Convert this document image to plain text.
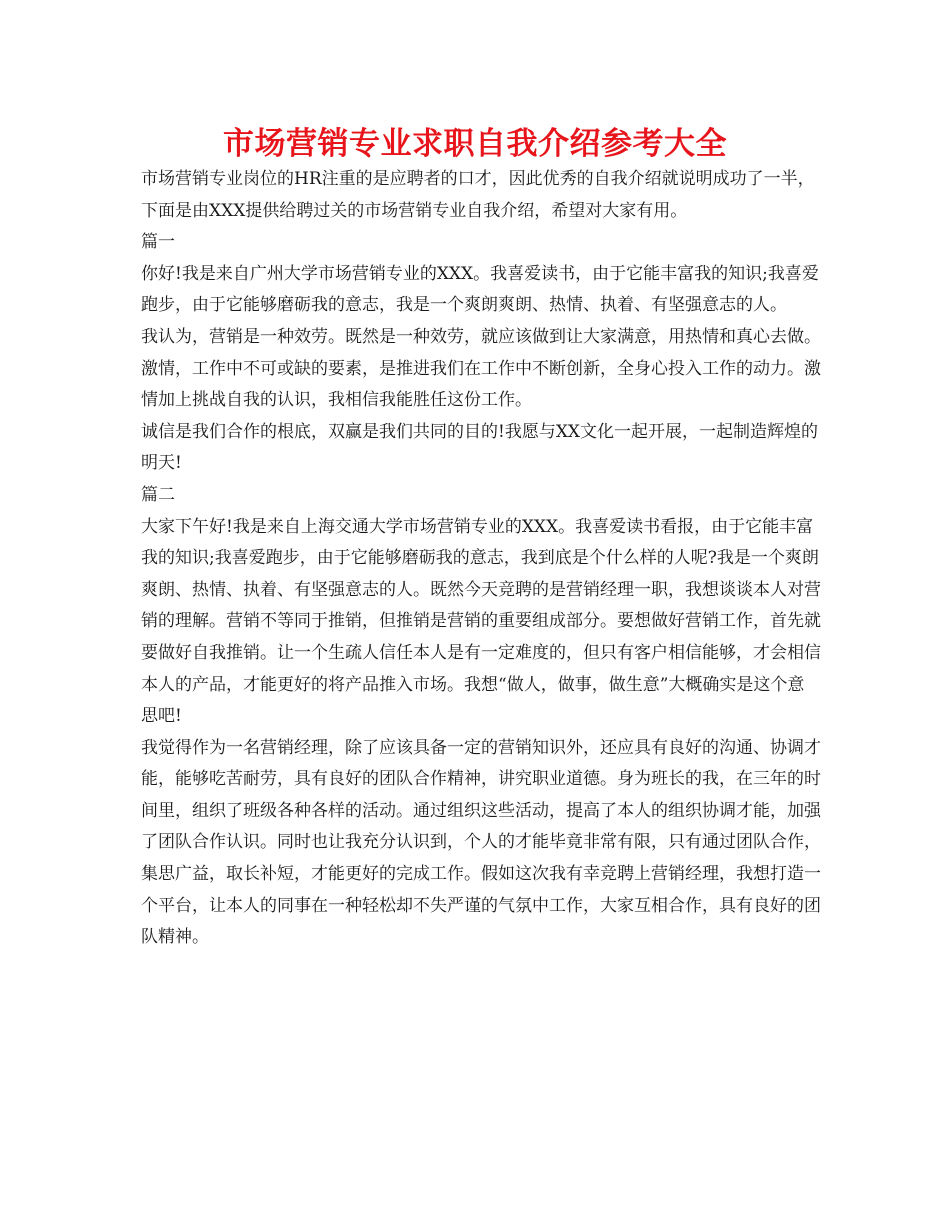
市场营销专业求职自我介绍参考大全

市场营销专业岗位的HR注重的是应聘者的口才，因此优秀的自我介绍就说明成功了一半，下面是由XXX提供给聘过关的市场营销专业自我介绍，希望对大家有用。

篇一

你好!我是来自广州大学市场营销专业的XXX。我喜爱读书，由于它能丰富我的知识;我喜爱跑步，由于它能够磨砺我的意志，我是一个爽朗爽朗、热情、执着、有坚强意志的人。

我认为，营销是一种效劳。既然是一种效劳，就应该做到让大家满意，用热情和真心去做。激情，工作中不可或缺的要素，是推进我们在工作中不断创新，全身心投入工作的动力。激情加上挑战自我的认识，我相信我能胜任这份工作。

诚信是我们合作的根底，双赢是我们共同的目的!我愿与XX文化一起开展，一起制造辉煌的明天!

篇二

大家下午好!我是来自上海交通大学市场营销专业的XXX。我喜爱读书看报，由于它能丰富我的知识;我喜爱跑步，由于它能够磨砺我的意志，我到底是个什么样的人呢?我是一个爽朗爽朗、热情、执着、有坚强意志的人。既然今天竞聘的是营销经理一职，我想谈谈本人对营销的理解。营销不等同于推销，但推销是营销的重要组成部分。要想做好营销工作，首先就要做好自我推销。让一个生疏人信任本人是有一定难度的，但只有客户相信能够，才会相信本人的产品，才能更好的将产品推入市场。我想“做人，做事，做生意”大概确实是这个意思吧!

我觉得作为一名营销经理，除了应该具备一定的营销知识外，还应具有良好的沟通、协调才能，能够吃苦耐劳，具有良好的团队合作精神，讲究职业道德。身为班长的我，在三年的时间里，组织了班级各种各样的活动。通过组织这些活动，提高了本人的组织协调才能，加强了团队合作认识。同时也让我充分认识到，个人的才能毕竟非常有限，只有通过团队合作，集思广益，取长补短，才能更好的完成工作。假如这次我有幸竞聘上营销经理，我想打造一个平台，让本人的同事在一种轻松却不失严谨的气氛中工作，大家互相合作，具有良好的团队精神。
